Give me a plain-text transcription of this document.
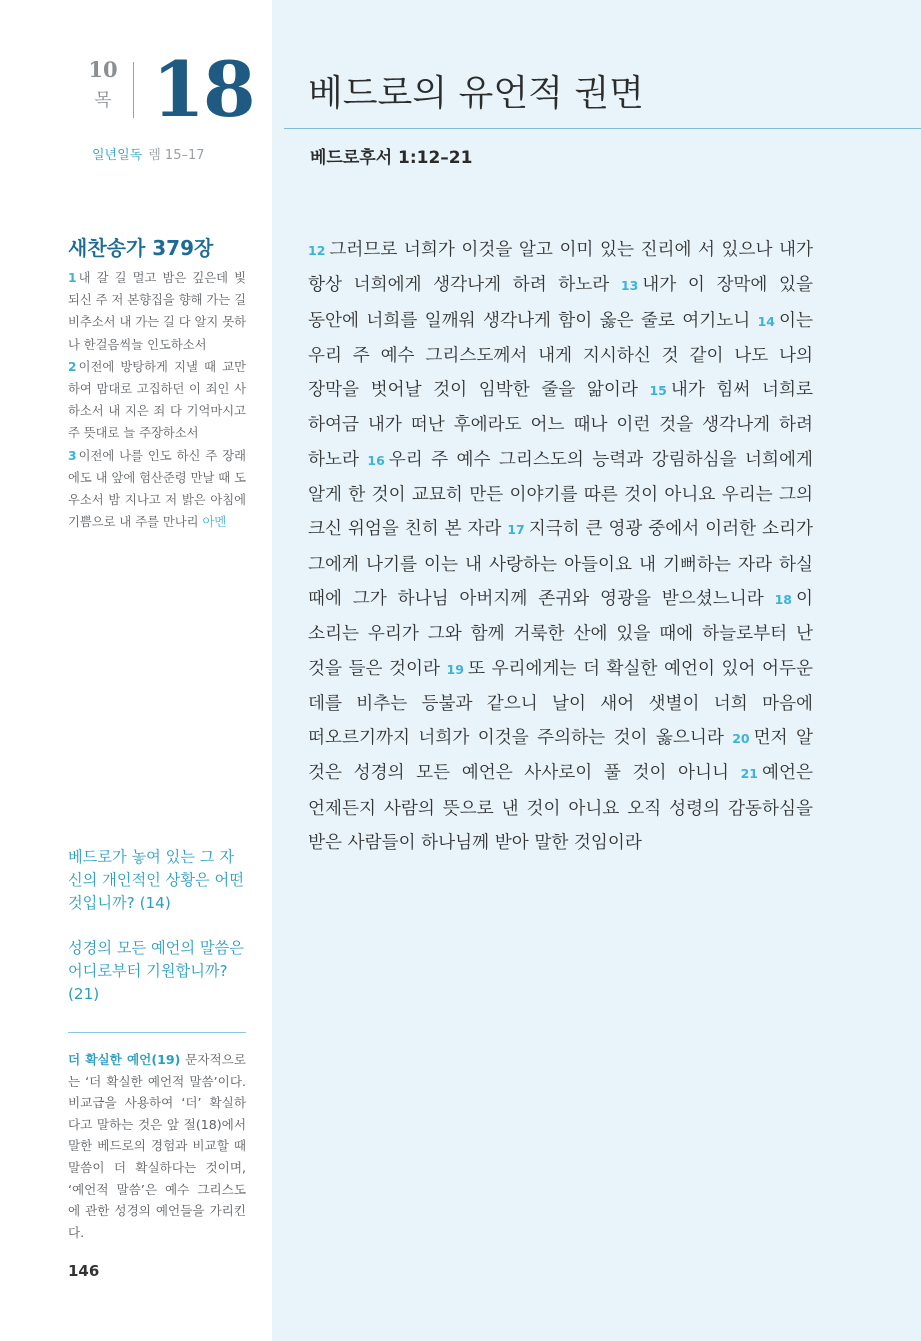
10
목 18
일년일독 렘 15–17
베드로의 유언적 권면
베드로후서 1:12–21
12 그러므로 너희가 이것을 알고 이미 있는 진리에 서 있으나 내가 항상 너희에게 생각나게 하려 하노라 13 내가 이 장막에 있을 동안에 너희를 일깨워 생각나게 함이 옳은 줄로 여기노니 14 이는 우리 주 예수 그리스도께서 내게 지시하신 것 같이 나도 나의 장막을 벗어날 것이 임박한 줄을 앎이라 15 내가 힘써 너희로 하여금 내가 떠난 후에라도 어느 때나 이런 것을 생각나게 하려 하노라 16 우리 주 예수 그리스도의 능력과 강림하심을 너희에게 알게 한 것이 교묘히 만든 이야기를 따른 것이 아니요 우리는 그의 크신 위엄을 친히 본 자라 17 지극히 큰 영광 중에서 이러한 소리가 그에게 나기를 이는 내 사랑하는 아들이요 내 기뻐하는 자라 하실 때에 그가 하나님 아버지께 존귀와 영광을 받으셨느니라 18 이 소리는 우리가 그와 함께 거룩한 산에 있을 때에 하늘로부터 난 것을 들은 것이라 19 또 우리에게는 더 확실한 예언이 있어 어두운 데를 비추는 등불과 같으니 날이 새어 샛별이 너희 마음에 떠오르기까지 너희가 이것을 주의하는 것이 옳으니라 20 먼저 알 것은 성경의 모든 예언은 사사로이 풀 것이 아니니 21 예언은 언제든지 사람의 뜻으로 낸 것이 아니요 오직 성령의 감동하심을 받은 사람들이 하나님께 받아 말한 것임이라
새찬송가 379장
1 내 갈 길 멀고 밤은 깊은데 빛 되신 주 저 본향집을 향해 가는 길 비추소서 내 가는 길 다 알지 못하나 한걸음씩늘 인도하소서
2 이전에 방탕하게 지낼 때 교만하여 맘대로 고집하던 이 죄인 사하소서 내 지은 죄 다 기억마시고 주 뜻대로 늘 주장하소서
3 이전에 나를 인도 하신 주 장래에도 내 앞에 험산준령 만날 때 도우소서 밤 지나고 저 밝은 아침에 기쁨으로 내 주를 만나리 아멘
베드로가 놓여 있는 그 자신의 개인적인 상황은 어떤 것입니까? (14)
성경의 모든 예언의 말씀은 어디로부터 기원합니까? (21)
더 확실한 예언(19) 문자적으로는 ‘더 확실한 예언적 말씀’이다. 비교급을 사용하여 ‘더’ 확실하다고 말하는 것은 앞 절(18)에서 말한 베드로의 경험과 비교할 때 말씀이 더 확실하다는 것이며, ‘예언적 말씀’은 예수 그리스도에 관한 성경의 예언들을 가리킨다.
146
